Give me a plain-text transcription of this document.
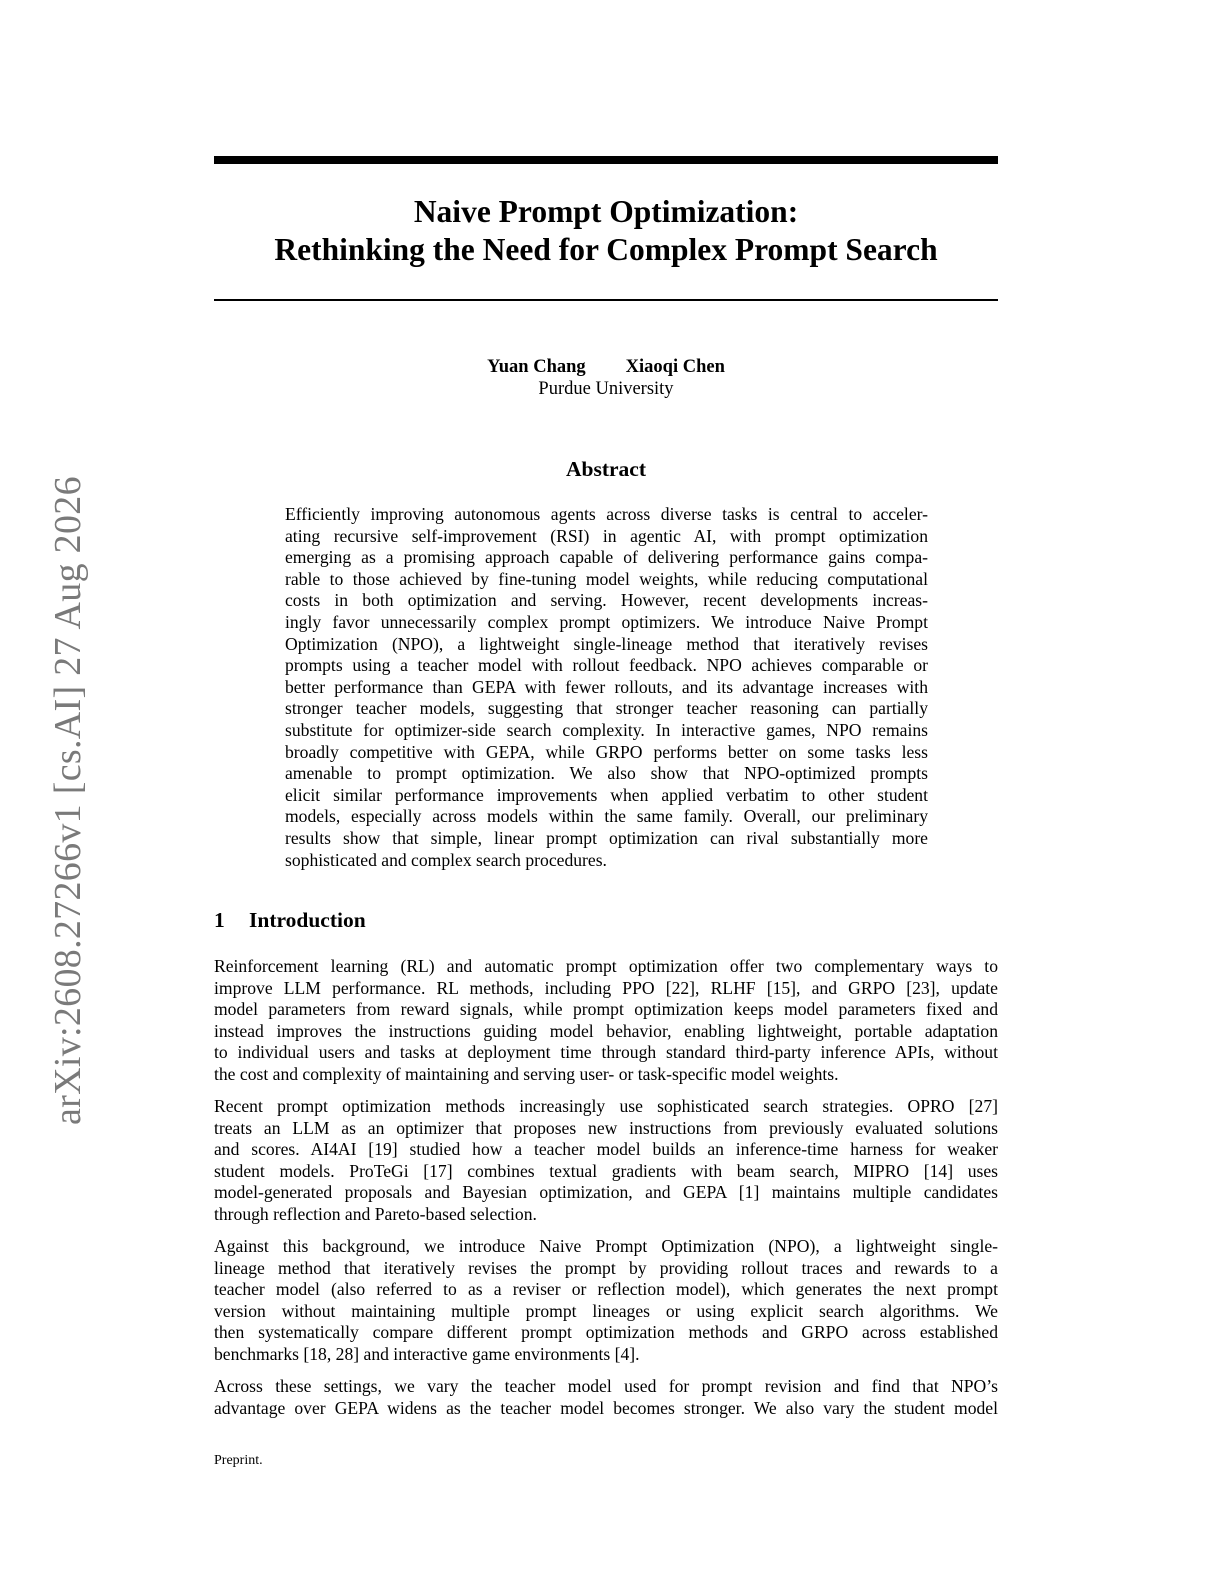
Naive Prompt Optimization:
Rethinking the Need for Complex Prompt Search
Yuan Chang Xiaoqi Chen
Purdue University
Abstract
Efficiently improving autonomous agents across diverse tasks is central to acceler-
ating recursive self-improvement (RSI) in agentic AI, with prompt optimization
emerging as a promising approach capable of delivering performance gains compa-
rable to those achieved by fine-tuning model weights, while reducing computational
costs in both optimization and serving. However, recent developments increas-
ingly favor unnecessarily complex prompt optimizers. We introduce Naive Prompt
Optimization (NPO), a lightweight single-lineage method that iteratively revises
prompts using a teacher model with rollout feedback. NPO achieves comparable or
better performance than GEPA with fewer rollouts, and its advantage increases with
stronger teacher models, suggesting that stronger teacher reasoning can partially
substitute for optimizer-side search complexity. In interactive games, NPO remains
broadly competitive with GEPA, while GRPO performs better on some tasks less
amenable to prompt optimization. We also show that NPO-optimized prompts
elicit similar performance improvements when applied verbatim to other student
models, especially across models within the same family. Overall, our preliminary
results show that simple, linear prompt optimization can rival substantially more
sophisticated and complex search procedures.
1 Introduction
Reinforcement learning (RL) and automatic prompt optimization offer two complementary ways to
improve LLM performance. RL methods, including PPO [22], RLHF [15], and GRPO [23], update
model parameters from reward signals, while prompt optimization keeps model parameters fixed and
instead improves the instructions guiding model behavior, enabling lightweight, portable adaptation
to individual users and tasks at deployment time through standard third-party inference APIs, without
the cost and complexity of maintaining and serving user- or task-specific model weights.
Recent prompt optimization methods increasingly use sophisticated search strategies. OPRO [27]
treats an LLM as an optimizer that proposes new instructions from previously evaluated solutions
and scores. AI4AI [19] studied how a teacher model builds an inference-time harness for weaker
student models. ProTeGi [17] combines textual gradients with beam search, MIPRO [14] uses
model-generated proposals and Bayesian optimization, and GEPA [1] maintains multiple candidates
through reflection and Pareto-based selection.
Against this background, we introduce Naive Prompt Optimization (NPO), a lightweight single-
lineage method that iteratively revises the prompt by providing rollout traces and rewards to a
teacher model (also referred to as a reviser or reflection model), which generates the next prompt
version without maintaining multiple prompt lineages or using explicit search algorithms. We
then systematically compare different prompt optimization methods and GRPO across established
benchmarks [18, 28] and interactive game environments [4].
Across these settings, we vary the teacher model used for prompt revision and find that NPO’s
advantage over GEPA widens as the teacher model becomes stronger. We also vary the student model
Preprint.
arXiv:2608.27266v1 [cs.AI] 27 Aug 2026
